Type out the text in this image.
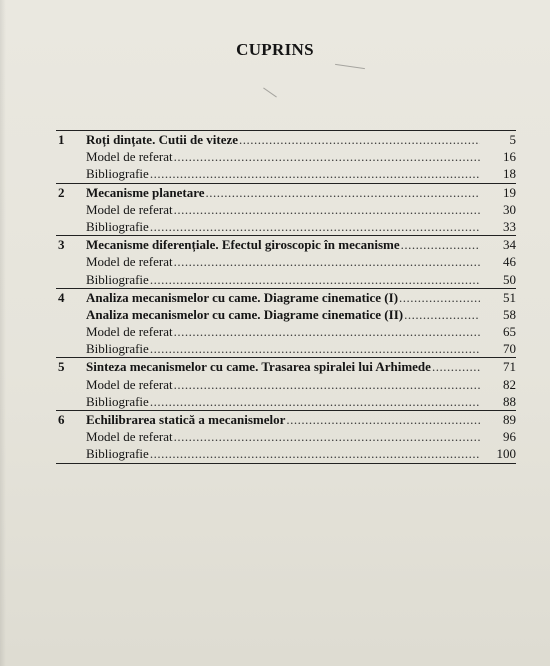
CUPRINS
1	Roți dințate. Cutii de viteze .....	5
Model de referat .....	16
Bibliografie .....	18
2	Mecanisme planetare .....	19
Model de referat .....	30
Bibliografie .....	33
3	Mecanisme diferențiale. Efectul giroscopic în mecanisme .....	34
Model de referat .....	46
Bibliografie .....	50
4	Analiza mecanismelor cu came. Diagrame cinematice (I) .....	51
Analiza mecanismelor cu came. Diagrame cinematice (II) .....	58
Model de referat .....	65
Bibliografie .....	70
5	Sinteza mecanismelor cu came. Trasarea spiralei lui Arhimede .....	71
Model de referat .....	82
Bibliografie .....	88
6	Echilibrarea statică a mecanismelor .....	89
Model de referat .....	96
Bibliografie .....	100
